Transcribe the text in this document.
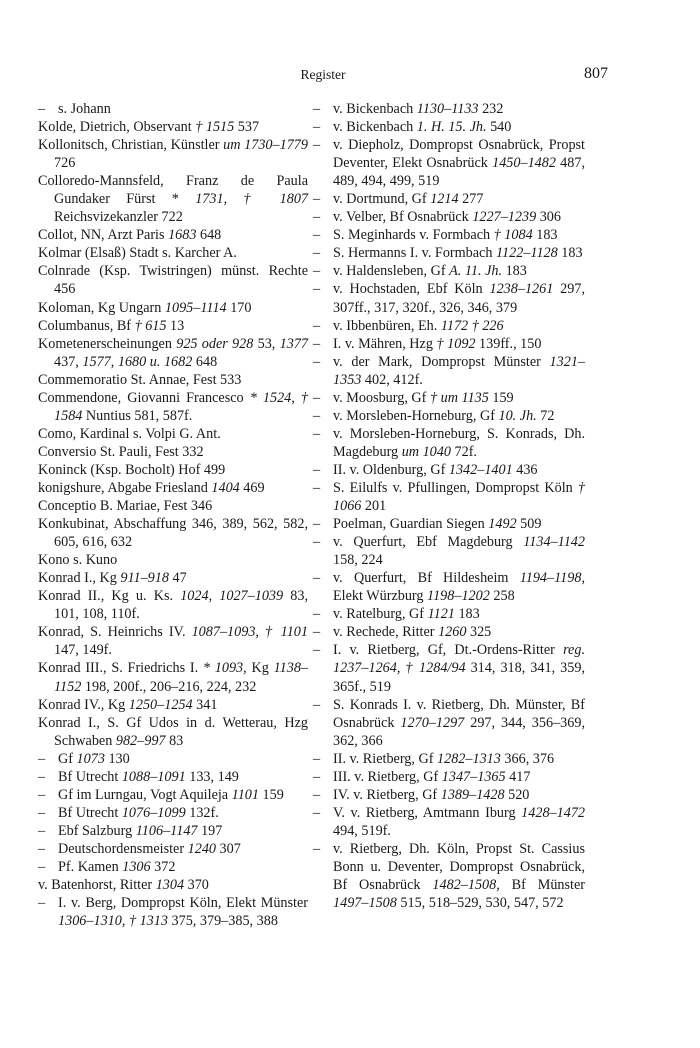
Register	807
– s. Johann
Kolde, Dietrich, Observant † 1515 537
Kollonitsch, Christian, Künstler um 1730–1779 726
Colloredo-Mannsfeld, Franz de Paula Gundaker Fürst * 1731, † 1807 Reichsvizekanzler 722
Collot, NN, Arzt Paris 1683 648
Kolmar (Elsaß) Stadt s. Karcher A.
Colnrade (Ksp. Twistringen) münst. Rechte 456
Koloman, Kg Ungarn 1095–1114 170
Columbanus, Bf † 615 13
Kometenerscheinungen 925 oder 928 53, 1377 437, 1577, 1680 u. 1682 648
Commemoratio St. Annae, Fest 533
Commendone, Giovanni Francesco * 1524, † 1584 Nuntius 581, 587f.
Como, Kardinal s. Volpi G. Ant.
Conversio St. Pauli, Fest 332
Koninck (Ksp. Bocholt) Hof 499
konigshure, Abgabe Friesland 1404 469
Conceptio B. Mariae, Fest 346
Konkubinat, Abschaffung 346, 389, 562, 582, 605, 616, 632
Kono s. Kuno
Konrad I., Kg 911–918 47
Konrad II., Kg u. Ks. 1024, 1027–1039 83, 101, 108, 110f.
Konrad, S. Heinrichs IV. 1087–1093, † 1101 147, 149f.
Konrad III., S. Friedrichs I. * 1093, Kg 1138–1152 198, 200f., 206–216, 224, 232
Konrad IV., Kg 1250–1254 341
Konrad I., S. Gf Udos in d. Wetterau, Hzg Schwaben 982–997 83
– Gf 1073 130
– Bf Utrecht 1088–1091 133, 149
– Gf im Lurngau, Vogt Aquileja 1101 159
– Bf Utrecht 1076–1099 132f.
– Ebf Salzburg 1106–1147 197
– Deutschordensmeister 1240 307
– Pf. Kamen 1306 372
v. Batenhorst, Ritter 1304 370
– I. v. Berg, Dompropst Köln, Elekt Münster 1306–1310, † 1313 375, 379–385, 388
– v. Bickenbach 1130–1133 232
– v. Bickenbach 1. H. 15. Jh. 540
– v. Diepholz, Dompropst Osnabrück, Propst Deventer, Elekt Osnabrück 1450–1482 487, 489, 494, 499, 519
– v. Dortmund, Gf 1214 277
– v. Velber, Bf Osnabrück 1227–1239 306
– S. Meginhards v. Formbach † 1084 183
– S. Hermanns I. v. Formbach 1122–1128 183
– v. Haldensleben, Gf A. 11. Jh. 183
– v. Hochstaden, Ebf Köln 1238–1261 297, 307ff., 317, 320f., 326, 346, 379
– v. Ibbenbüren, Eh. 1172 † 226
– I. v. Mähren, Hzg † 1092 139ff., 150
– v. der Mark, Dompropst Münster 1321–1353 402, 412f.
– v. Moosburg, Gf † um 1135 159
– v. Morsleben-Horneburg, Gf 10. Jh. 72
– v. Morsleben-Horneburg, S. Konrads, Dh. Magdeburg um 1040 72f.
– II. v. Oldenburg, Gf 1342–1401 436
– S. Eilulfs v. Pfullingen, Dompropst Köln † 1066 201
– Poelman, Guardian Siegen 1492 509
– v. Querfurt, Ebf Magdeburg 1134–1142 158, 224
– v. Querfurt, Bf Hildesheim 1194–1198, Elekt Würzburg 1198–1202 258
– v. Ratelburg, Gf 1121 183
– v. Rechede, Ritter 1260 325
– I. v. Rietberg, Gf, Dt.-Ordens-Ritter reg. 1237–1264, † 1284/94 314, 318, 341, 359, 365f., 519
– S. Konrads I. v. Rietberg, Dh. Münster, Bf Osnabrück 1270–1297 297, 344, 356–369, 362, 366
– II. v. Rietberg, Gf 1282–1313 366, 376
– III. v. Rietberg, Gf 1347–1365 417
– IV. v. Rietberg, Gf 1389–1428 520
– V. v. Rietberg, Amtmann Iburg 1428–1472 494, 519f.
– v. Rietberg, Dh. Köln, Propst St. Cassius Bonn u. Deventer, Dompropst Osnabrück, Bf Osnabrück 1482–1508, Bf Münster 1497–1508 515, 518–529, 530, 547, 572
